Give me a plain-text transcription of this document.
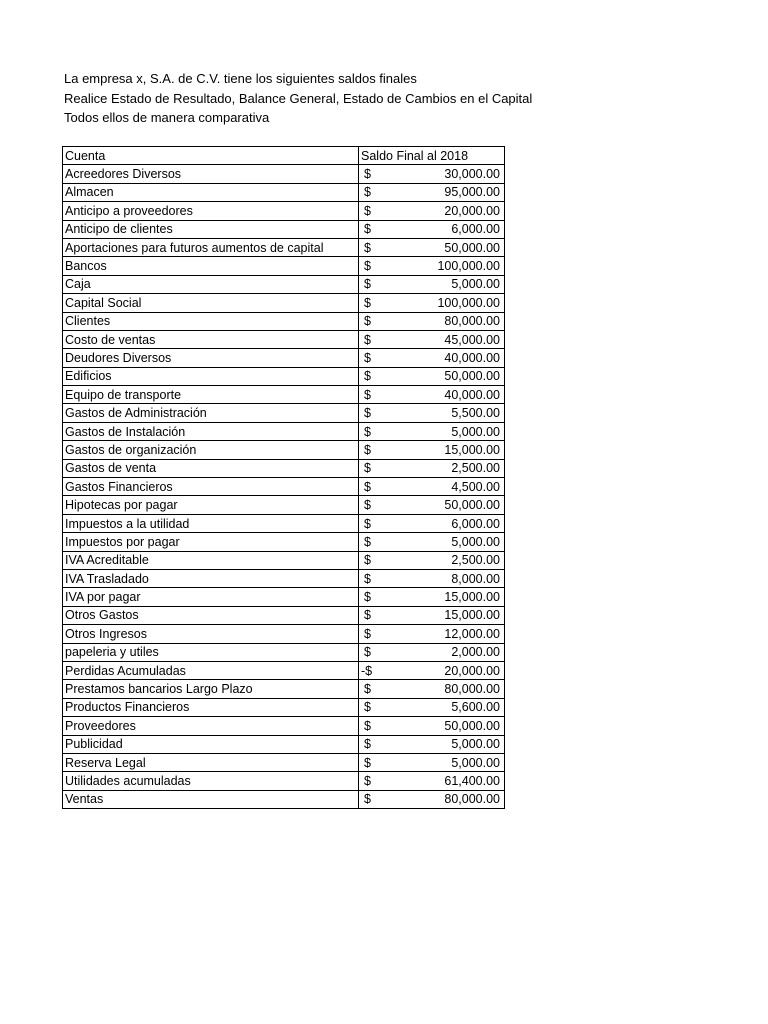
La empresa x, S.A. de C.V. tiene los siguientes saldos finales

Realice Estado de Resultado, Balance General, Estado de Cambios en el Capital

Todos ellos de manera comparativa

Cuenta	Saldo Final al 2018
Acreedores Diversos	$ 30,000.00

Almacen	$ 95,000.00

Anticipo a proveedores	$ 20,000.00

Anticipo de clientes	$ 6,000.00

Aportaciones para futuros aumentos de capital	$ 50,000.00

Bancos	$ 100,000.00

Caja	$ 5,000.00

Capital Social	$ 100,000.00

Clientes	$ 80,000.00

Costo de ventas	$ 45,000.00

Deudores Diversos	$ 40,000.00

Edificios	$ 50,000.00

Equipo de transporte	$ 40,000.00

Gastos de Administración	$ 5,500.00

Gastos de Instalación	$ 5,000.00

Gastos de organización	$ 15,000.00

Gastos de venta	$ 2,500.00

Gastos Financieros	$ 4,500.00

Hipotecas por pagar	$ 50,000.00

Impuestos a la utilidad	$ 6,000.00

Impuestos por pagar	$ 5,000.00

IVA Acreditable	$ 2,500.00

IVA Trasladado	$ 8,000.00

IVA por pagar	$ 15,000.00

Otros Gastos	$ 15,000.00

Otros Ingresos	$ 12,000.00

papeleria y utiles	$ 2,000.00

Perdidas Acumuladas	-$ 20,000.00

Prestamos bancarios Largo Plazo	$ 80,000.00

Productos Financieros	$ 5,600.00

Proveedores	$ 50,000.00

Publicidad	$ 5,000.00

Reserva Legal	$ 5,000.00

Utilidades acumuladas	$ 61,400.00

Ventas	$ 80,000.00
